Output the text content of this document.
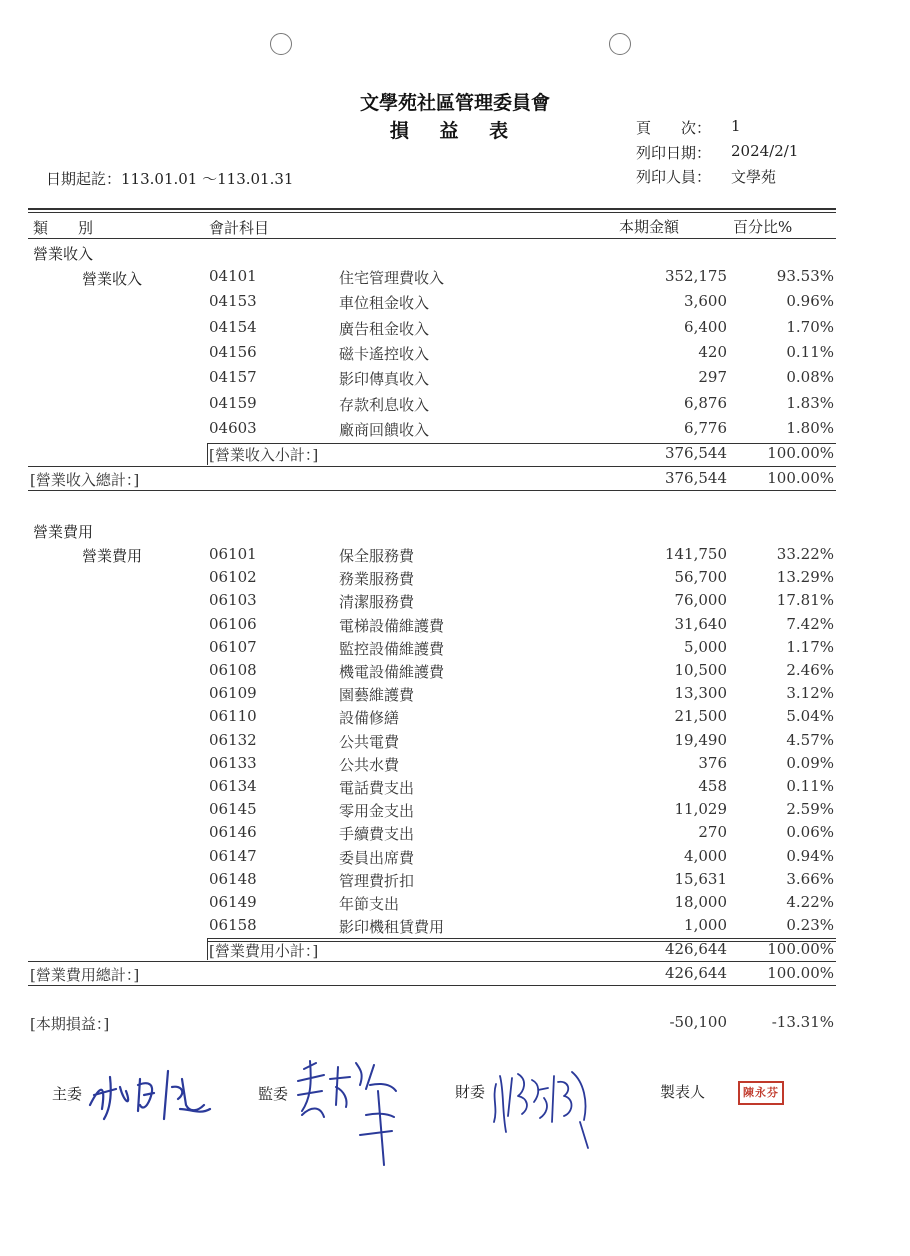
文學苑社區管理委員會
損 益 表
日期起訖：113.01.01 ～113.01.31
頁　　次： 1
列印日期： 2024/2/1
列印人員： 文學苑
類　　別	會計科目	本期金額	百分比%
營業收入
營業收入	04101	住宅管理費收入	352,175	93.53%
04153	車位租金收入	3,600	0.96%
04154	廣告租金收入	6,400	1.70%
04156	磁卡遙控收入	420	0.11%
04157	影印傳真收入	297	0.08%
04159	存款利息收入	6,876	1.83%
04603	廠商回饋收入	6,776	1.80%
[營業收入小計：]	376,544	100.00%
[營業收入總計：]	376,544	100.00%
營業費用
營業費用	06101	保全服務費	141,750	33.22%
06102	務業服務費	56,700	13.29%
06103	清潔服務費	76,000	17.81%
06106	電梯設備維護費	31,640	7.42%
06107	監控設備維護費	5,000	1.17%
06108	機電設備維護費	10,500	2.46%
06109	園藝維護費	13,300	3.12%
06110	設備修繕	21,500	5.04%
06132	公共電費	19,490	4.57%
06133	公共水費	376	0.09%
06134	電話費支出	458	0.11%
06145	零用金支出	11,029	2.59%
06146	手續費支出	270	0.06%
06147	委員出席費	4,000	0.94%
06148	管理費折扣	15,631	3.66%
06149	年節支出	18,000	4.22%
06158	影印機租賃費用	1,000	0.23%
[營業費用小計：]	426,644	100.00%
[營業費用總計：]	426,644	100.00%
[本期損益：]	-50,100	-13.31%
主委	監委	財委	製表人	陳永芬
